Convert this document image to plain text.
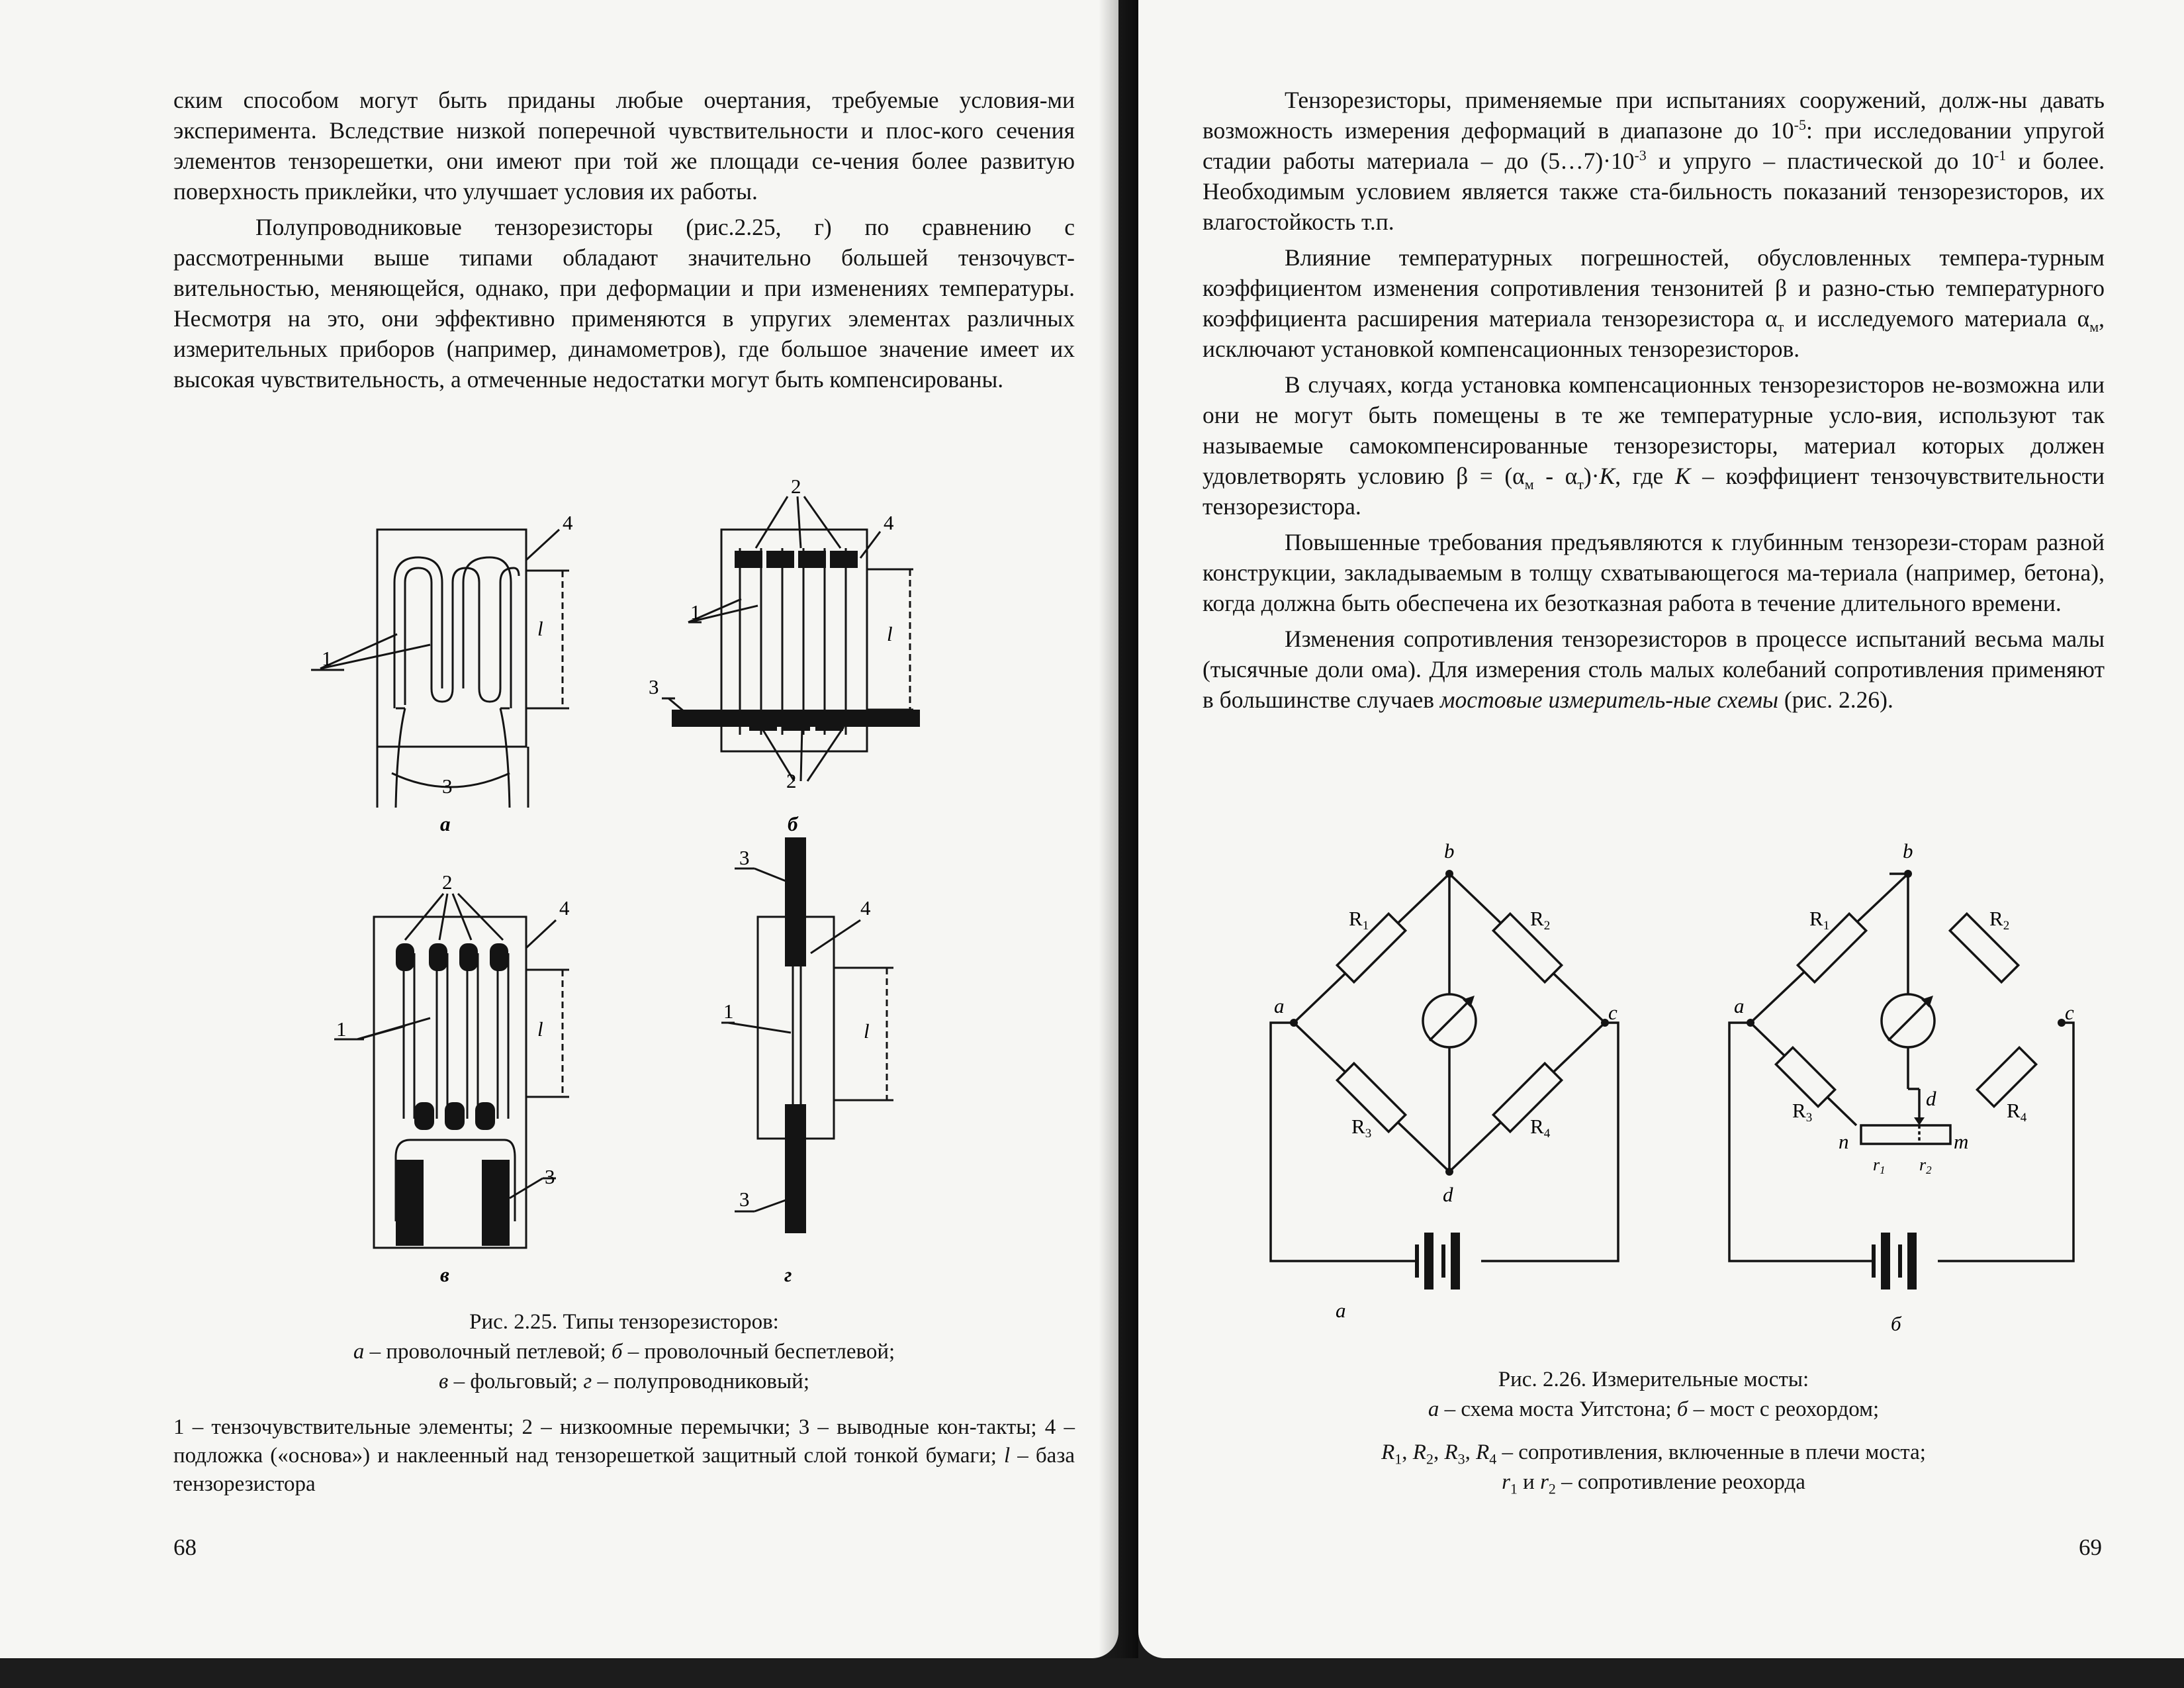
ским способом могут быть приданы любые очертания, требуемые условия-ми эксперимента. Вследствие низкой поперечной чувствительности и плос-кого сечения элементов тензорешетки, они имеют при той же площади се-чения более развитую поверхность приклейки, что улучшает условия их работы.

Полупроводниковые тензорезисторы (рис.2.25, г) по сравнению с рассмотренными выше типами обладают значительно большей тензочувст-вительностью, меняющейся, однако, при деформации и при изменениях температуры. Несмотря на это, они эффективно применяются в упругих элементах различных измерительных приборов (например, динамометров), где большое значение имеет их высокая чувствительность, а отмеченные недостатки могут быть компенсированы.

4
l
1
3
2
4
l
1
3
2
2
4
l
1
3
3
4
l
1
3
а	б
в	г
Рис. 2.25. Типы тензорезисторов:
а – проволочный петлевой; б – проволочный беспетлевой;
в – фольговый; г – полупроводниковый;
1 – тензочувствительные элементы; 2 – низкоомные перемычки; 3 – выводные кон-такты; 4 – подложка («основа») и наклеенный над тензорешеткой защитный слой тонкой бумаги; l – база тензорезистора
68

Тензорезисторы, применяемые при испытаниях сооружений, долж-ны давать возможность измерения деформаций в диапазоне до $10^{-5}$: при исследовании упругой стадии работы материала – до $(5\dots 7)\cdot 10^{-3}$ и упруго – пластической до $10^{-1}$ и более. Необходимым условием является также ста-бильность показаний тензорезисторов, их влагостойкость т.п.

Влияние температурных погрешностей, обусловленных темпера-турным коэффициентом изменения сопротивления тензонитей β и разно-стью температурного коэффициента расширения материала тензорезистора $\alpha_т$ и исследуемого материала $\alpha_м$, исключают установкой компенсационных тензорезисторов.

В случаях, когда установка компенсационных тензорезисторов не-возможна или они не могут быть помещены в те же температурные усло-вия, используют так называемые самокомпенсированные тензорезисторы, материал которых должен удовлетворять условию $\beta = (\alpha_м - \alpha_т)\cdot K$, где K – коэффициент тензочувствительности тензорезистора.

Повышенные требования предъявляются к глубинным тензорези-сторам разной конструкции, закладываемым в толщу схватывающегося ма-териала (например, бетона), когда должна быть обеспечена их безотказная работа в течение длительного времени.

Изменения сопротивления тензорезисторов в процессе испытаний весьма малы (тысячные доли ома). Для измерения столь малых колебаний сопротивления применяют в большинстве случаев мостовые измеритель-ные схемы (рис. 2.26).

b
a	c
d
R1	R2
R3	R4
b
a	c
d
n	m
R1	R2
R3	R4
r1 r2
а
б
Рис. 2.26. Измерительные мосты:
а – схема моста Уитстона; б – мост с реохордом;
$R_1$, $R_2$, $R_3$, $R_4$ – сопротивления, включенные в плечи моста;
$r_1$ и $r_2$ – сопротивление реохорда
69
